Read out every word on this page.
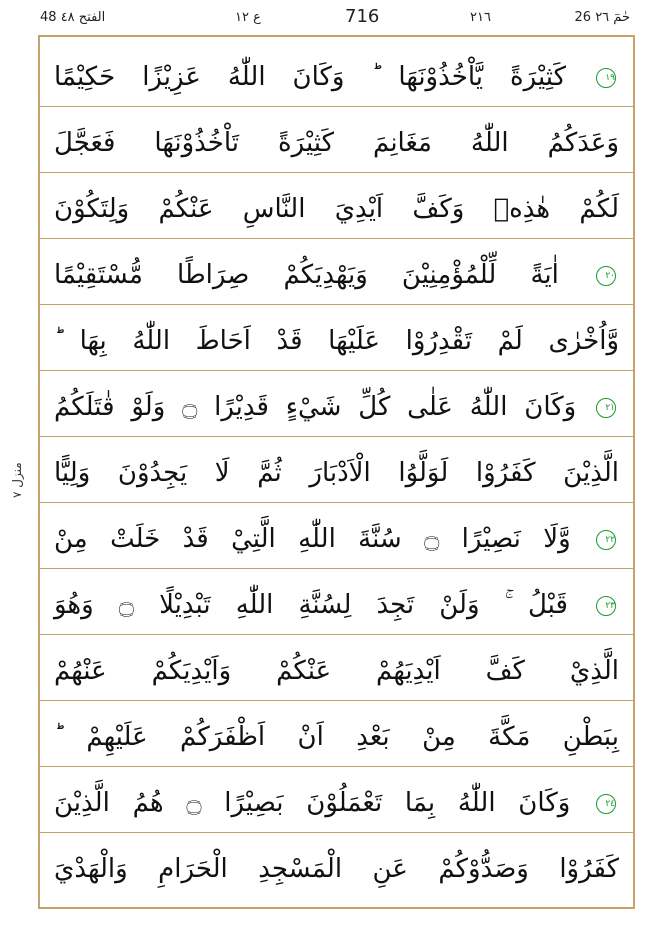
48 الفتح ٤٨	ع ١٢	716	٢١٦	26 حٰمٓ ٢٦
منزل ٧
١٩ كَثِيْرَةً يَّاْخُذُوْنَهَا ؕ وَكَانَ اللّٰهُ عَزِيْزًا حَكِيْمًا
وَعَدَكُمُ اللّٰهُ مَغَانِمَ كَثِيْرَةً تَاْخُذُوْنَهَا فَعَجَّلَ
لَكُمْ هٰذِهٖ وَكَفَّ اَيْدِيَ النَّاسِ عَنْكُمْ وَلِتَكُوْنَ
٢٠ اٰيَةً لِّلْمُؤْمِنِيْنَ وَيَهْدِيَكُمْ صِرَاطًا مُّسْتَقِيْمًا
وَّاُخْرٰى لَمْ تَقْدِرُوْا عَلَيْهَا قَدْ اَحَاطَ اللّٰهُ بِهَا ؕ
٢١ وَكَانَ اللّٰهُ عَلٰى كُلِّ شَيْءٍ قَدِيْرًا ۝ وَلَوْ قٰتَلَكُمُ
الَّذِيْنَ كَفَرُوْا لَوَلَّوُا الْاَدْبَارَ ثُمَّ لَا يَجِدُوْنَ وَلِيًّا
٢٢ وَّلَا نَصِيْرًا ۝ سُنَّةَ اللّٰهِ الَّتِيْ قَدْ خَلَتْ مِنْ
٢٣ قَبْلُ ۚ وَلَنْ تَجِدَ لِسُنَّةِ اللّٰهِ تَبْدِيْلًا ۝ وَهُوَ
الَّذِيْ كَفَّ اَيْدِيَهُمْ عَنْكُمْ وَاَيْدِيَكُمْ عَنْهُمْ
بِبَطْنِ مَكَّةَ مِنْ بَعْدِ اَنْ اَظْفَرَكُمْ عَلَيْهِمْ ؕ
٢٤ وَكَانَ اللّٰهُ بِمَا تَعْمَلُوْنَ بَصِيْرًا ۝ هُمُ الَّذِيْنَ
كَفَرُوْا وَصَدُّوْكُمْ عَنِ الْمَسْجِدِ الْحَرَامِ وَالْهَدْيَ
